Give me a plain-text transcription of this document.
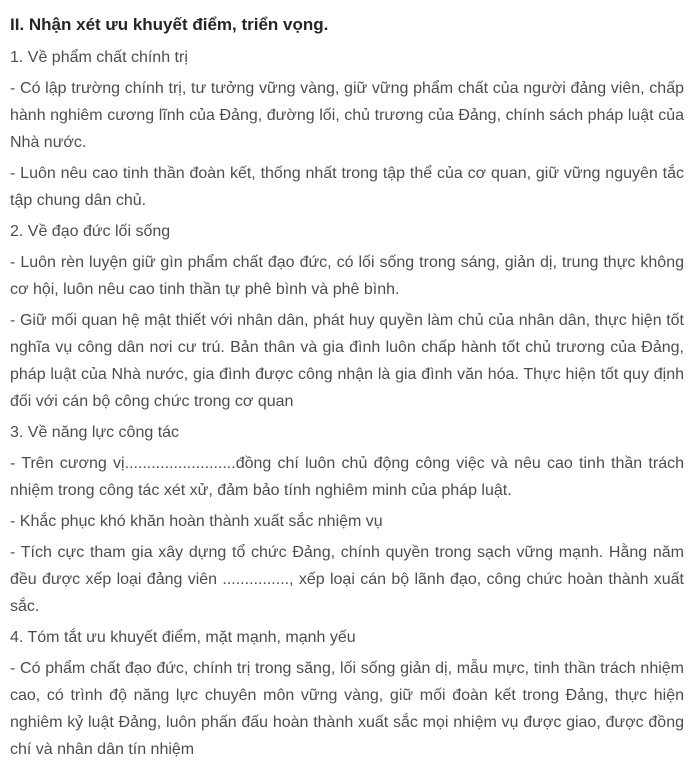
II. Nhận xét ưu khuyết điểm, triển vọng.

1. Về phẩm chất chính trị

- Có lập trường chính trị, tư tưởng vững vàng, giữ vững phẩm chất của người đảng viên, chấp hành nghiêm cương lĩnh của Đảng, đường lối, chủ trương của Đảng, chính sách pháp luật của Nhà nước.

- Luôn nêu cao tinh thần đoàn kết, thống nhất trong tập thể của cơ quan, giữ vững nguyên tắc tập chung dân chủ.

2. Về đạo đức lối sống

- Luôn rèn luyện giữ gìn phẩm chất đạo đức, có lối sống trong sáng, giản dị, trung thực không cơ hội, luôn nêu cao tinh thần tự phê bình và phê bình.

- Giữ mối quan hệ mật thiết với nhân dân, phát huy quyền làm chủ của nhân dân, thực hiện tốt nghĩa vụ công dân nơi cư trú. Bản thân và gia đình luôn chấp hành tốt chủ trương của Đảng, pháp luật của Nhà nước, gia đình được công nhận là gia đình văn hóa. Thực hiện tốt quy định đối với cán bộ công chức trong cơ quan

3. Về năng lực công tác

- Trên cương vị.........................đồng chí luôn chủ động công việc và nêu cao tinh thần trách nhiệm trong công tác xét xử, đảm bảo tính nghiêm minh của pháp luật.

- Khắc phục khó khăn hoàn thành xuất sắc nhiệm vụ

- Tích cực tham gia xây dựng tổ chức Đảng, chính quyền trong sạch vững mạnh. Hằng năm đều được xếp loại đảng viên ..............., xếp loại cán bộ lãnh đạo, công chức hoàn thành xuất sắc.

4. Tóm tắt ưu khuyết điểm, mặt mạnh, mạnh yếu

- Có phẩm chất đạo đức, chính trị trong săng, lối sống giản dị, mẫu mực, tinh thần trách nhiệm cao, có trình độ năng lực chuyên môn vững vàng, giữ mối đoàn kết trong Đảng, thực hiện nghiêm kỷ luật Đảng, luôn phấn đấu hoàn thành xuất sắc mọi nhiệm vụ được giao, được đồng chí và nhân dân tín nhiệm
